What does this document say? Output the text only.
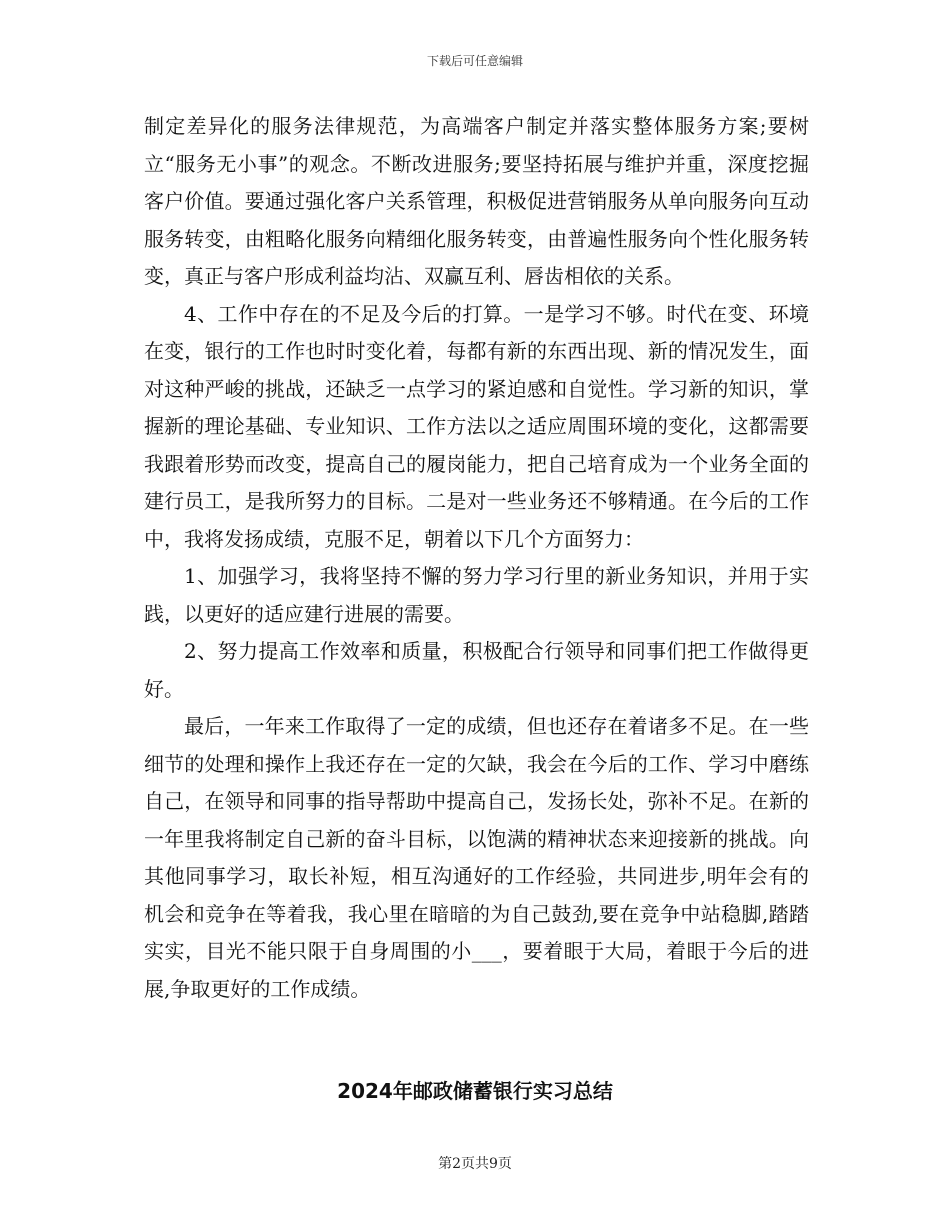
下载后可任意编辑

制定差异化的服务法律规范，为高端客户制定并落实整体服务方案;要树立“服务无小事”的观念。不断改进服务;要坚持拓展与维护并重，深度挖掘客户价值。要通过强化客户关系管理，积极促进营销服务从单向服务向互动服务转变，由粗略化服务向精细化服务转变，由普遍性服务向个性化服务转变，真正与客户形成利益均沾、双赢互利、唇齿相依的关系。

4、工作中存在的不足及今后的打算。一是学习不够。时代在变、环境在变，银行的工作也时时变化着，每都有新的东西出现、新的情况发生，面对这种严峻的挑战，还缺乏一点学习的紧迫感和自觉性。学习新的知识，掌握新的理论基础、专业知识、工作方法以之适应周围环境的变化，这都需要我跟着形势而改变，提高自己的履岗能力，把自己培育成为一个业务全面的建行员工，是我所努力的目标。二是对一些业务还不够精通。在今后的工作中，我将发扬成绩，克服不足，朝着以下几个方面努力：

1、加强学习，我将坚持不懈的努力学习行里的新业务知识，并用于实践，以更好的适应建行进展的需要。

2、努力提高工作效率和质量，积极配合行领导和同事们把工作做得更好。

最后，一年来工作取得了一定的成绩，但也还存在着诸多不足。在一些细节的处理和操作上我还存在一定的欠缺，我会在今后的工作、学习中磨练自己，在领导和同事的指导帮助中提高自己，发扬长处，弥补不足。在新的一年里我将制定自己新的奋斗目标，以饱满的精神状态来迎接新的挑战。向其他同事学习，取长补短，相互沟通好的工作经验，共同进步,明年会有的机会和竞争在等着我，我心里在暗暗的为自己鼓劲,要在竞争中站稳脚,踏踏实实，目光不能只限于自身周围的小___，要着眼于大局，着眼于今后的进展,争取更好的工作成绩。

2024年邮政储蓄银行实习总结
第2页共9页
